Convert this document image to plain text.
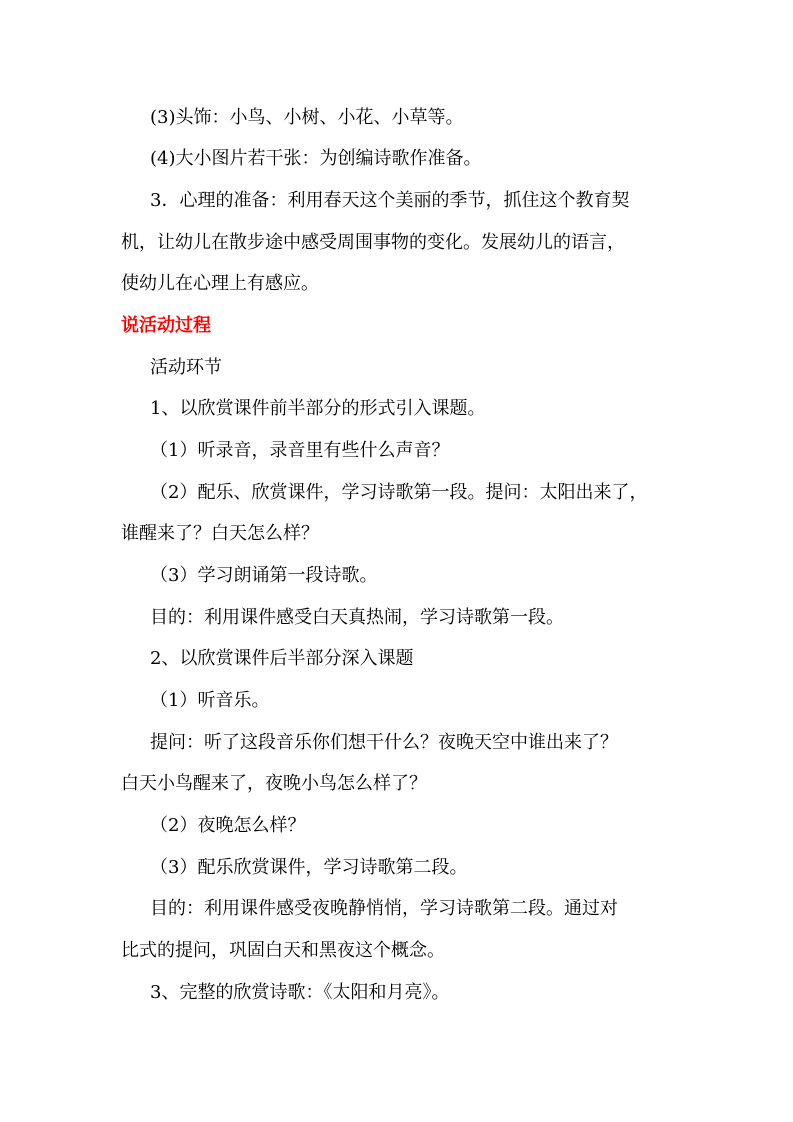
(3)头饰：小鸟、小树、小花、小草等。
(4)大小图片若干张：为创编诗歌作准备。
3．心理的准备：利用春天这个美丽的季节，抓住这个教育契
机，让幼儿在散步途中感受周围事物的变化。发展幼儿的语言，
使幼儿在心理上有感应。
说活动过程
活动环节
1、以欣赏课件前半部分的形式引入课题。
（1）听录音，录音里有些什么声音？
（2）配乐、欣赏课件，学习诗歌第一段。提问：太阳出来了，
谁醒来了？白天怎么样？
（3）学习朗诵第一段诗歌。
目的：利用课件感受白天真热闹，学习诗歌第一段。
2、以欣赏课件后半部分深入课题
（1）听音乐。
提问：听了这段音乐你们想干什么？夜晚天空中谁出来了？
白天小鸟醒来了，夜晚小鸟怎么样了？
（2）夜晚怎么样？
（3）配乐欣赏课件，学习诗歌第二段。
目的：利用课件感受夜晚静悄悄，学习诗歌第二段。通过对
比式的提问，巩固白天和黑夜这个概念。
3、完整的欣赏诗歌：《太阳和月亮》。
